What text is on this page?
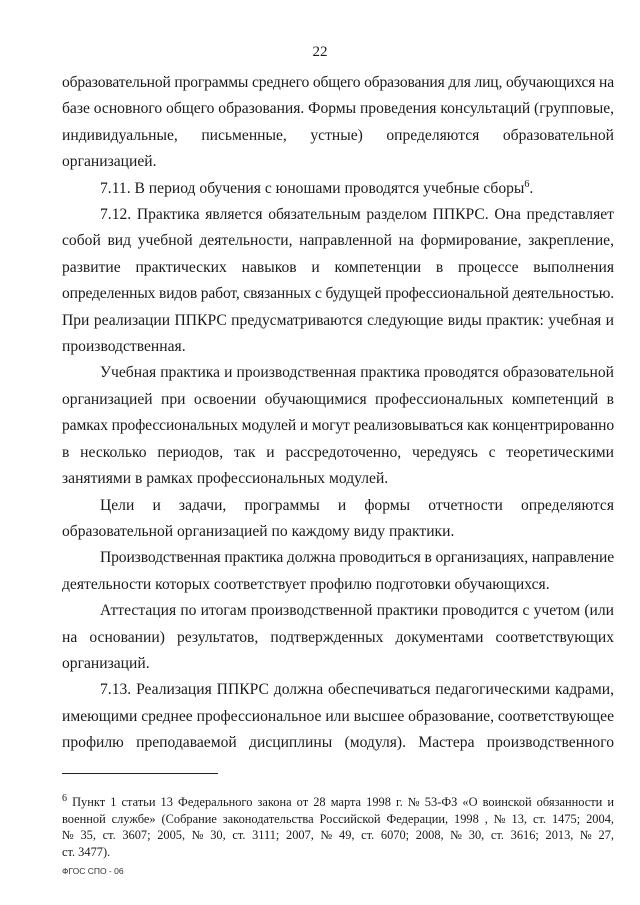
22

образовательной программы среднего общего образования для лиц, обучающихся на
базе основного общего образования. Формы проведения консультаций (групповые,
индивидуальные, письменные, устные) определяются образовательной
организацией.

7.11. В период обучения с юношами проводятся учебные сборы$^6$.

7.12. Практика является обязательным разделом ППКРС. Она представляет

собой вид учебной деятельности, направленной на формирование, закрепление,
развитие практических навыков и компетенции в процессе выполнения
определенных видов работ, связанных с будущей профессиональной деятельностью.
При реализации ППКРС предусматриваются следующие виды практик: учебная и
производственная.

Учебная практика и производственная практика проводятся образовательной

организацией при освоении обучающимися профессиональных компетенций в
рамках профессиональных модулей и могут реализовываться как концентрированно
в несколько периодов, так и рассредоточенно, чередуясь с теоретическими
занятиями в рамках профессиональных модулей.

Цели и задачи, программы и формы отчетности определяются

образовательной организацией по каждому виду практики.

Производственная практика должна проводиться в организациях, направление

деятельности которых соответствует профилю подготовки обучающихся.

Аттестация по итогам производственной практики проводится с учетом (или

на основании) результатов, подтвержденных документами соответствующих
организаций.

7.13. Реализация ППКРС должна обеспечиваться педагогическими кадрами,

имеющими среднее профессиональное или высшее образование, соответствующее
профилю преподаваемой дисциплины (модуля). Мастера производственного

$^6$ Пункт 1 статьи 13 Федерального закона от 28 марта 1998 г. № 53-ФЗ «О воинской обязанности и
военной службе» (Собрание законодательства Российской Федерации, 1998 , № 13, ст. 1475; 2004,
№ 35, ст. 3607; 2005, № 30, ст. 3111; 2007, № 49, ст. 6070; 2008, № 30, ст. 3616; 2013, № 27,
ст. 3477).
ФГОС СПО - 06
